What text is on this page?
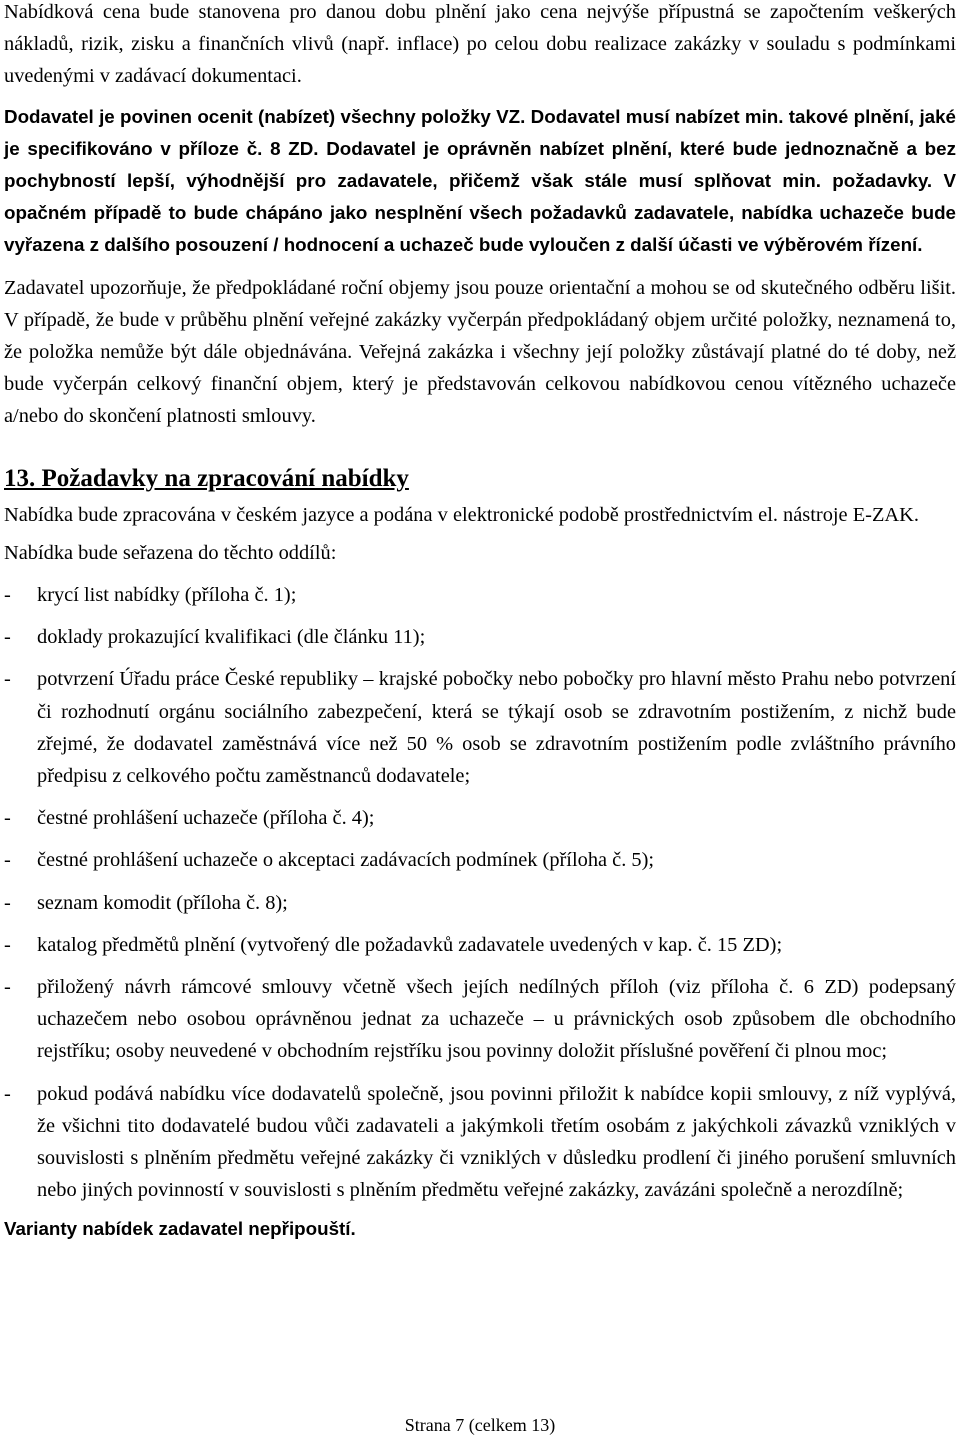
Nabídková cena bude stanovena pro danou dobu plnění jako cena nejvýše přípustná se započtením veškerých nákladů, rizik, zisku a finančních vlivů (např. inflace) po celou dobu realizace zakázky v souladu s podmínkami uvedenými v zadávací dokumentaci.

Dodavatel je povinen ocenit (nabízet) všechny položky VZ. Dodavatel musí nabízet min. takové plnění, jaké je specifikováno v příloze č. 8 ZD. Dodavatel je oprávněn nabízet plnění, které bude jednoznačně a bez pochybností lepší, výhodnější pro zadavatele, přičemž však stále musí splňovat min. požadavky. V opačném případě to bude chápáno jako nesplnění všech požadavků zadavatele, nabídka uchazeče bude vyřazena z dalšího posouzení / hodnocení a uchazeč bude vyloučen z další účasti ve výběrovém řízení.

Zadavatel upozorňuje, že předpokládané roční objemy jsou pouze orientační a mohou se od skutečného odběru lišit. V případě, že bude v průběhu plnění veřejné zakázky vyčerpán předpokládaný objem určité položky, neznamená to, že položka nemůže být dále objednávána. Veřejná zakázka i všechny její položky zůstávají platné do té doby, než bude vyčerpán celkový finanční objem, který je představován celkovou nabídkovou cenou vítězného uchazeče a/nebo do skončení platnosti smlouvy.

13. Požadavky na zpracování nabídky

Nabídka bude zpracována v českém jazyce a podána v elektronické podobě prostřednictvím el. nástroje E-ZAK.

Nabídka bude seřazena do těchto oddílů:

- krycí list nabídky (příloha č. 1);
- doklady prokazující kvalifikaci (dle článku 11);
- potvrzení Úřadu práce České republiky – krajské pobočky nebo pobočky pro hlavní město Prahu nebo potvrzení či rozhodnutí orgánu sociálního zabezpečení, která se týkají osob se zdravotním postižením, z nichž bude zřejmé, že dodavatel zaměstnává více než 50 % osob se zdravotním postižením podle zvláštního právního předpisu z celkového počtu zaměstnanců dodavatele;
- čestné prohlášení uchazeče (příloha č. 4);
- čestné prohlášení uchazeče o akceptaci zadávacích podmínek (příloha č. 5);
- seznam komodit (příloha č. 8);
- katalog předmětů plnění (vytvořený dle požadavků zadavatele uvedených v kap. č. 15 ZD);
- přiložený návrh rámcové smlouvy včetně všech jejích nedílných příloh (viz příloha č. 6 ZD) podepsaný uchazečem nebo osobou oprávněnou jednat za uchazeče – u právnických osob způsobem dle obchodního rejstříku; osoby neuvedené v obchodním rejstříku jsou povinny doložit příslušné pověření či plnou moc;
- pokud podává nabídku více dodavatelů společně, jsou povinni přiložit k nabídce kopii smlouvy, z níž vyplývá, že všichni tito dodavatelé budou vůči zadavateli a jakýmkoli třetím osobám z jakýchkoli závazků vzniklých v souvislosti s plněním předmětu veřejné zakázky či vzniklých v důsledku prodlení či jiného porušení smluvních nebo jiných povinností v souvislosti s plněním předmětu veřejné zakázky, zavázáni společně a nerozdílně;

Varianty nabídek zadavatel nepřipouští.

Strana 7 (celkem 13)
